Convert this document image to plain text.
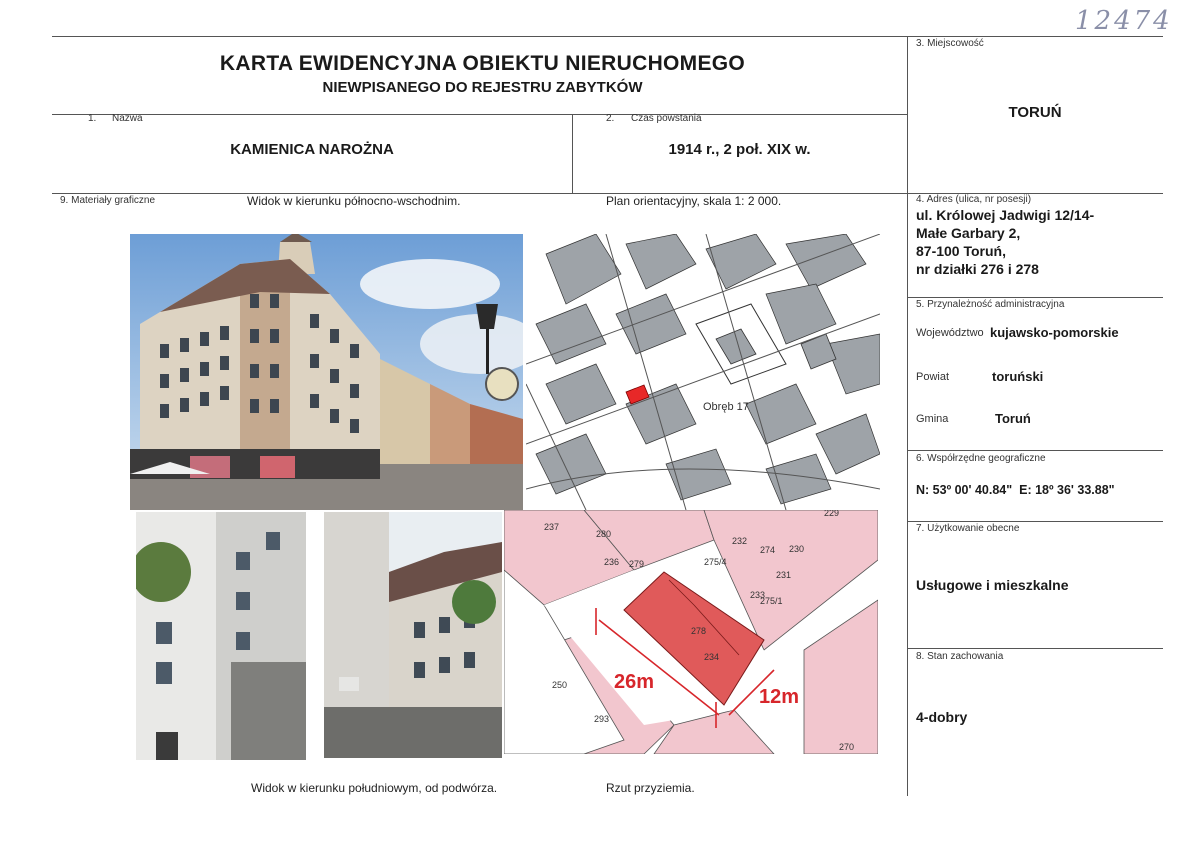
12474
KARTA EWIDENCYJNA OBIEKTU NIERUCHOMEGO
NIEWPISANEGO DO REJESTRU ZABYTKÓW
1. Nazwa
KAMIENICA NAROŻNA
2. Czas powstania
1914 r., 2 poł. XIX w.
3. Miejscowość
TORUŃ
4. Adres (ulica, nr posesji)
ul. Królowej Jadwigi 12/14-
Małe Garbary 2,
87-100 Toruń,
nr działki 276 i 278
5. Przynależność administracyjna
Województwo kujawsko-pomorskie
Powiat	toruński
Gmina	Toruń
6. Współrzędne geograficzne
N: 53º 00' 40.84"  E: 18º 36' 33.88"
7. Użytkowanie obecne
Usługowe i mieszkalne
8. Stan zachowania
4-dobry
9. Materiały graficzne	Widok w kierunku północno-wschodnim.	Plan orientacyjny, skala 1: 2 000.
Widok w kierunku południowym, od podwórza.	Rzut przyziemia.
Obręb 17
26m
12m
237
280
236 279	275/4
232
230
231
275/1
278
234
250
293
229
270
274
233
